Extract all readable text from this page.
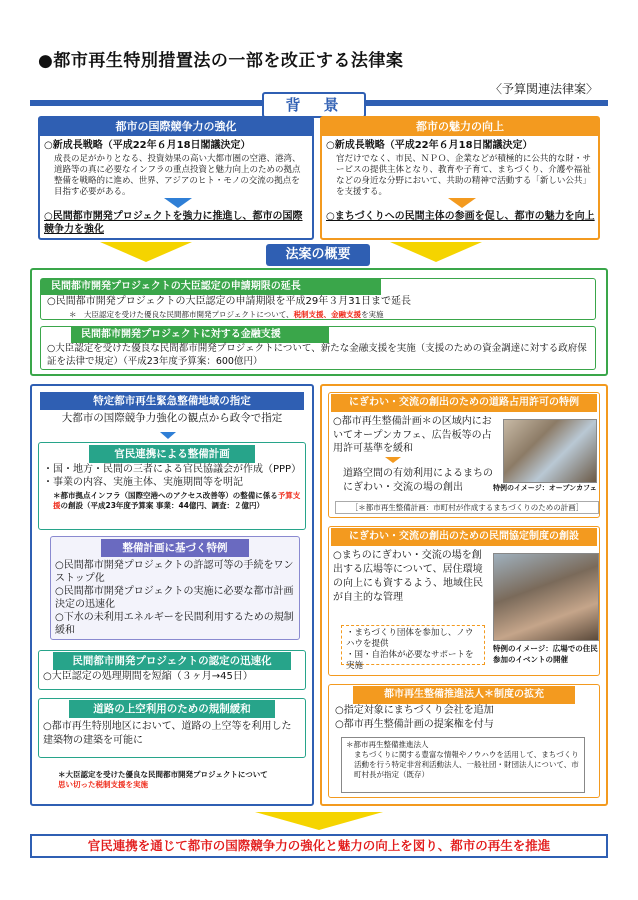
●都市再生特別措置法の一部を改正する法律案
〈予算関連法律案〉
背　景
都市の国際競争力の強化
○新成長戦略（平成22年６月18日閣議決定）
成長の足がかりとなる、投資効果の高い大都市圏の空港、港湾、道路等の真に必要なインフラの重点投資と魅力向上のための拠点整備を戦略的に進め、世界、アジアのヒト・モノの交流の拠点を目指す必要がある。
○民間都市開発プロジェクトを強力に推進し、都市の国際競争力を強化
都市の魅力の向上
○新成長戦略（平成22年６月18日閣議決定）
官だけでなく、市民、ＮＰＯ、企業などが積極的に公共的な財・サービスの提供主体となり、教育や子育て、まちづくり、介護や福祉などの身近な分野において、共助の精神で活動する「新しい公共」を支援する。
○まちづくりへの民間主体の参画を促し、都市の魅力を向上
法案の概要
民間都市開発プロジェクトの大臣認定の申請期限の延長
○民間都市開発プロジェクトの大臣認定の申請期限を平成29年３月31日まで延長
＊　大臣認定を受けた優良な民間都市開発プロジェクトについて、税制支援、金融支援を実施
民間都市開発プロジェクトに対する金融支援
○大臣認定を受けた優良な民間都市開発プロジェクトについて、新たな金融支援を実施（支援のための資金調達に対する政府保証を法律で規定）（平成23年度予算案：600億円）
特定都市再生緊急整備地域の指定
大都市の国際競争力強化の観点から政令で指定
官民連携による整備計画
・国・地方・民間の三者による官民協議会が作成（PPP）
・事業の内容、実施主体、実施期間等を明記
＊都市拠点インフラ（国際空港へのアクセス改善等）の整備に係る予算支援の創設（平成23年度予算案 事業：44億円、調査：２億円）
整備計画に基づく特例
○民間都市開発プロジェクトの許認可等の手続をワンストップ化
○民間都市開発プロジェクトの実施に必要な都市計画決定の迅速化
○下水の未利用エネルギーを民間利用するための規制緩和
民間都市開発プロジェクトの認定の迅速化
○大臣認定の処理期間を短縮（３ヶ月→45日）
道路の上空利用のための規制緩和
○都市再生特別地区において、道路の上空等を利用した建築物の建築を可能に
＊大臣認定を受けた優良な民間都市開発プロジェクトについて
思い切った税制支援を実施
にぎわい・交流の創出のための道路占用許可の特例
○都市再生整備計画＊の区域内においてオープンカフェ、広告板等の占用許可基準を緩和
道路空間の有効利用によるまちのにぎわい・交流の場の創出	特例のイメージ：オープンカフェ
［＊都市再生整備計画：市町村が作成するまちづくりのための計画］
にぎわい・交流の創出のための民間協定制度の創設
○まちのにぎわい・交流の場を創出する広場等について、居住環境の向上にも資するよう、地域住民が自主的な管理
・まちづくり団体を参加し、ノウハウを提供
・国・自治体が必要なサポートを実施
特例のイメージ：広場での住民参加のイベントの開催
都市再生整備推進法人＊制度の拡充
○指定対象にまちづくり会社を追加
○都市再生整備計画の提案権を付与
＊都市再生整備推進法人
まちづくりに関する豊富な情報やノウハウを活用して、まちづくり活動を行う特定非営利活動法人、一般社団・財団法人について、市町村長が指定（既存）
官民連携を通じて都市の国際競争力の強化と魅力の向上を図り、都市の再生を推進
